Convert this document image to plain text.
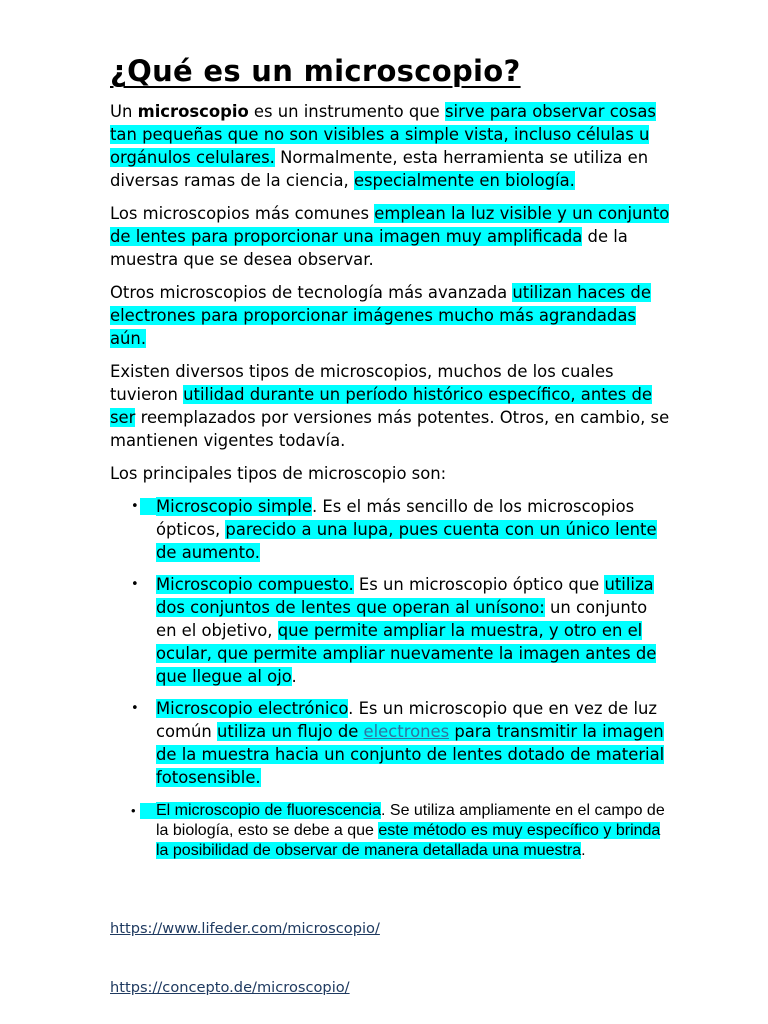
¿Qué es un microscopio?

Un microscopio es un instrumento que sirve para observar cosas tan pequeñas que no son visibles a simple vista, incluso células u orgánulos celulares. Normalmente, esta herramienta se utiliza en diversas ramas de la ciencia, especialmente en biología.

Los microscopios más comunes emplean la luz visible y un conjunto de lentes para proporcionar una imagen muy amplificada de la muestra que se desea observar.

Otros microscopios de tecnología más avanzada utilizan haces de electrones para proporcionar imágenes mucho más agrandadas aún.

Existen diversos tipos de microscopios, muchos de los cuales tuvieron utilidad durante un período histórico específico, antes de ser reemplazados por versiones más potentes. Otros, en cambio, se mantienen vigentes todavía.

Los principales tipos de microscopio son:

• Microscopio simple. Es el más sencillo de los microscopios ópticos, parecido a una lupa, pues cuenta con un único lente de aumento.
• Microscopio compuesto. Es un microscopio óptico que utiliza dos conjuntos de lentes que operan al unísono: un conjunto en el objetivo, que permite ampliar la muestra, y otro en el ocular, que permite ampliar nuevamente la imagen antes de que llegue al ojo.
• Microscopio electrónico. Es un microscopio que en vez de luz común utiliza un flujo de electrones para transmitir la imagen de la muestra hacia un conjunto de lentes dotado de material fotosensible.
• El microscopio de fluorescencia. Se utiliza ampliamente en el campo de la biología, esto se debe a que este método es muy específico y brinda la posibilidad de observar de manera detallada una muestra.
https://www.lifeder.com/microscopio/
https://concepto.de/microscopio/
